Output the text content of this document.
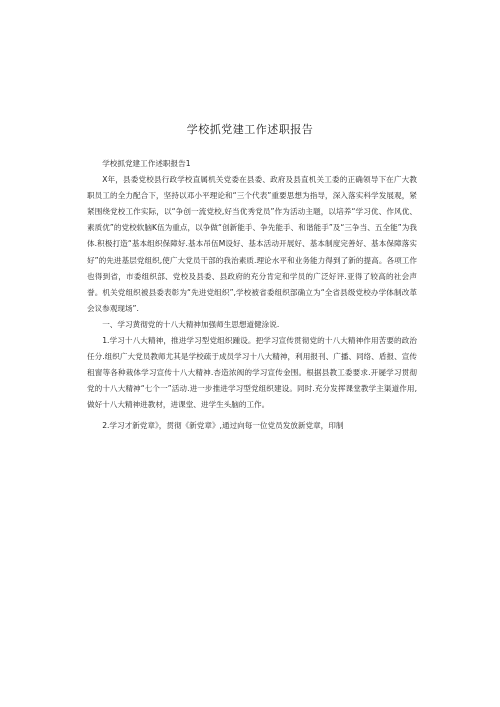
学校抓党建工作述职报告

学校抓党建工作述职报告1

X年，县委党校县行政学校直属机关党委在县委、政府及县直机关工委的正确领导下在广大教职员工的全力配合下，坚持以邓小平理论和“三个代表”重要思想为指导，深入落实科学发展观，紧紧围绕党校工作实际，以“争创一流党校,好当优秀党员”作为活动主题，以培养“学习优、作风优、素质优”的党校软脑K伍为重点，以争做“创新能手、争先能手、和谐能手”及“三争当、五全能”为我体.积极打造“基本组织保障好.基本吊伍M设好、基本活动开展好、基本制度完善好、基本保障落实好”的先进基层党组织,使广大党员干部的我治素质.理论水平和业务能力得到了新的提高。各项工作也得到省，市委组织部、党校及县委、县政府的充分肯定和学员的广泛好评.亚得了较高的社会声誉。机关党组织被县委表彰为“先进党组织”,学校被省委组织部确立为“全省县级党校办学体制改革会议参观现场”.

一、学习黄彻党的十八大精神加强师生思想道健涂说.

1.学习十八大精神，推进学习型党组织踵设。把学习宣传贯彻党的十八大精神作用苦要的政治任分.组织广大党员教师尤其是学校疏于成员学习十八大精神，利用报刊、广播、同络、盾报、宣传租窗等各种栽体学习宣传十八大精神.杏造浓阀的学习宣传金围。根据县教工委要求.开屣学习贯彻党的十八大精神“七个一”活动.进一步推进学习型党组织建设。同时.充分发挥课堂教学主渠道作用,做好十八大精神进教材，进课堂、进学生头脑的工作。

2.学习才新党章》，贯彻《新党章》,通过向每一位党员发放新党章，印制
